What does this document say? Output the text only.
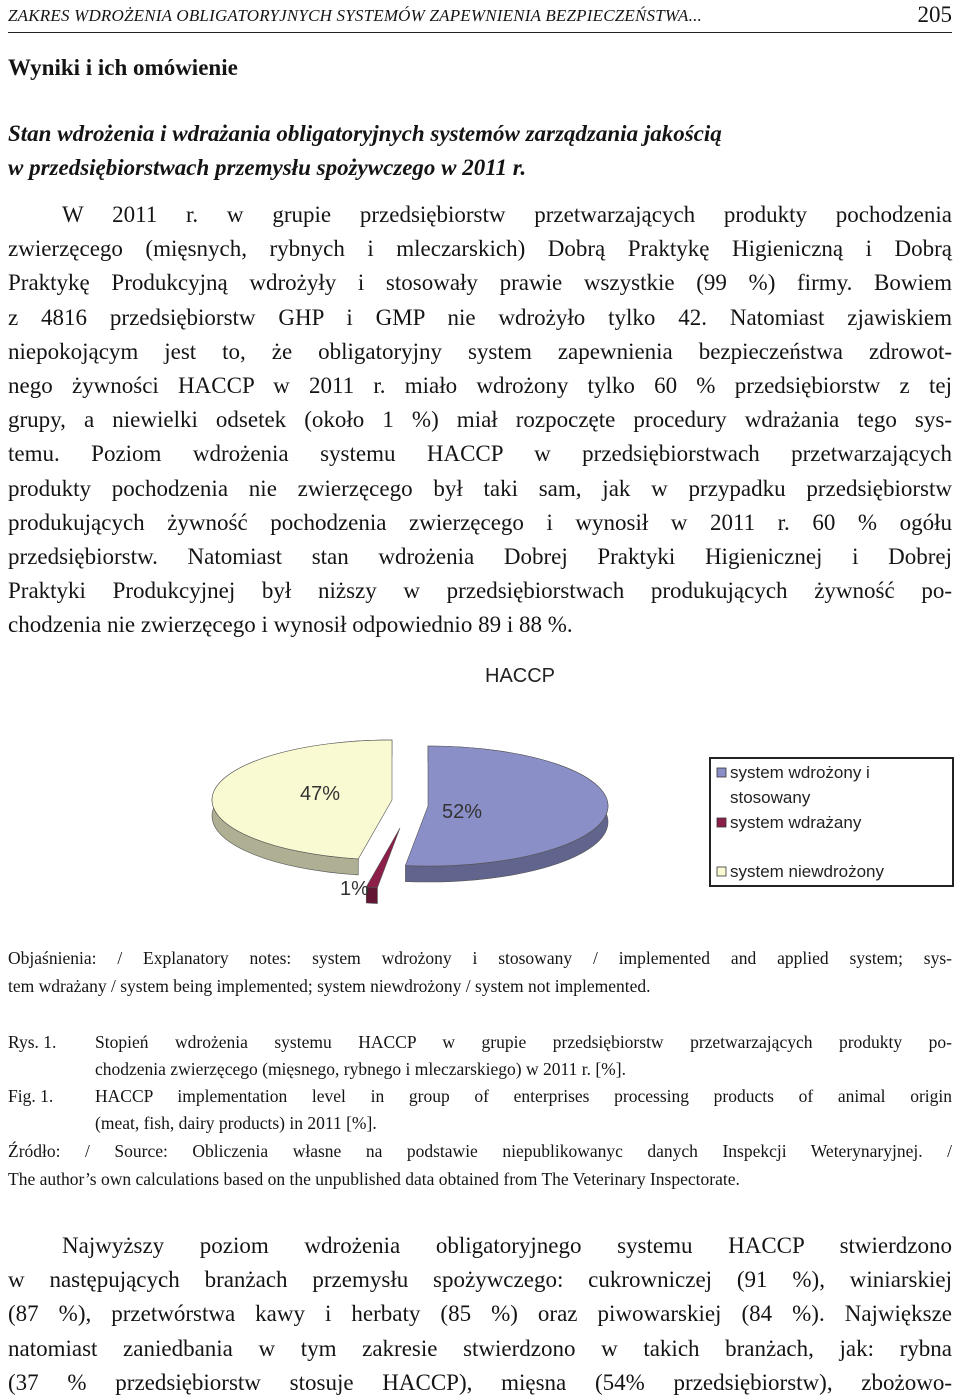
ZAKRES WDROŻENIA OBLIGATORYJNYCH SYSTEMÓW ZAPEWNIENIA BEZPIECZEŃSTWA...	205
Wyniki i ich omówienie
Stan wdrożenia i wdrażania obligatoryjnych systemów zarządzania jakością
w przedsiębiorstwach przemysłu spożywczego w 2011 r.
W 2011 r. w grupie przedsiębiorstw przetwarzających produkty pochodzenia
zwierzęcego (mięsnych, rybnych i mleczarskich) Dobrą Praktykę Higieniczną i Dobrą
Praktykę Produkcyjną wdrożyły i stosowały prawie wszystkie (99 %) firmy. Bowiem
z 4816 przedsiębiorstw GHP i GMP nie wdrożyło tylko 42. Natomiast zjawiskiem
niepokojącym jest to, że obligatoryjny system zapewnienia bezpieczeństwa zdrowot-
nego żywności HACCP w 2011 r. miało wdrożony tylko 60 % przedsiębiorstw z tej
grupy, a niewielki odsetek (około 1 %) miał rozpoczęte procedury wdrażania tego sys-
temu. Poziom wdrożenia systemu HACCP w przedsiębiorstwach przetwarzających
produkty pochodzenia nie zwierzęcego był taki sam, jak w przypadku przedsiębiorstw
produkujących żywność pochodzenia zwierzęcego i wynosił w 2011 r. 60 % ogółu
przedsiębiorstw. Natomiast stan wdrożenia Dobrej Praktyki Higienicznej i Dobrej
Praktyki Produkcyjnej był niższy w przedsiębiorstwach produkujących żywność po-
chodzenia nie zwierzęcego i wynosił odpowiednio 89 i 88 %.
HACCP
52%
1%
47%
system wdrożony i
stosowany
system wdrażany
system niewdrożony
Objaśnienia: / Explanatory notes: system wdrożony i stosowany / implemented and applied system; sys-
tem wdrażany / system being implemented; system niewdrożony / system not implemented.
Rys. 1. Stopień wdrożenia systemu HACCP w grupie przedsiębiorstw przetwarzających produkty po-
chodzenia zwierzęcego (mięsnego, rybnego i mleczarskiego) w 2011 r. [%].
Fig. 1. HACCP implementation level in group of enterprises processing products of animal origin
(meat, fish, dairy products) in 2011 [%].
Źródło: / Source: Obliczenia własne na podstawie niepublikowanyc danych Inspekcji Weterynaryjnej. /
The author’s own calculations based on the unpublished data obtained from The Veterinary Inspectorate.
Najwyższy poziom wdrożenia obligatoryjnego systemu HACCP stwierdzono
w następujących branżach przemysłu spożywczego: cukrowniczej (91 %), winiarskiej
(87 %), przetwórstwa kawy i herbaty (85 %) oraz piwowarskiej (84 %). Największe
natomiast zaniedbania w tym zakresie stwierdzono w takich branżach, jak: rybna
(37 % przedsiębiorstw stosuje HACCP), mięsna (54% przedsiębiorstw), zbożowo-
